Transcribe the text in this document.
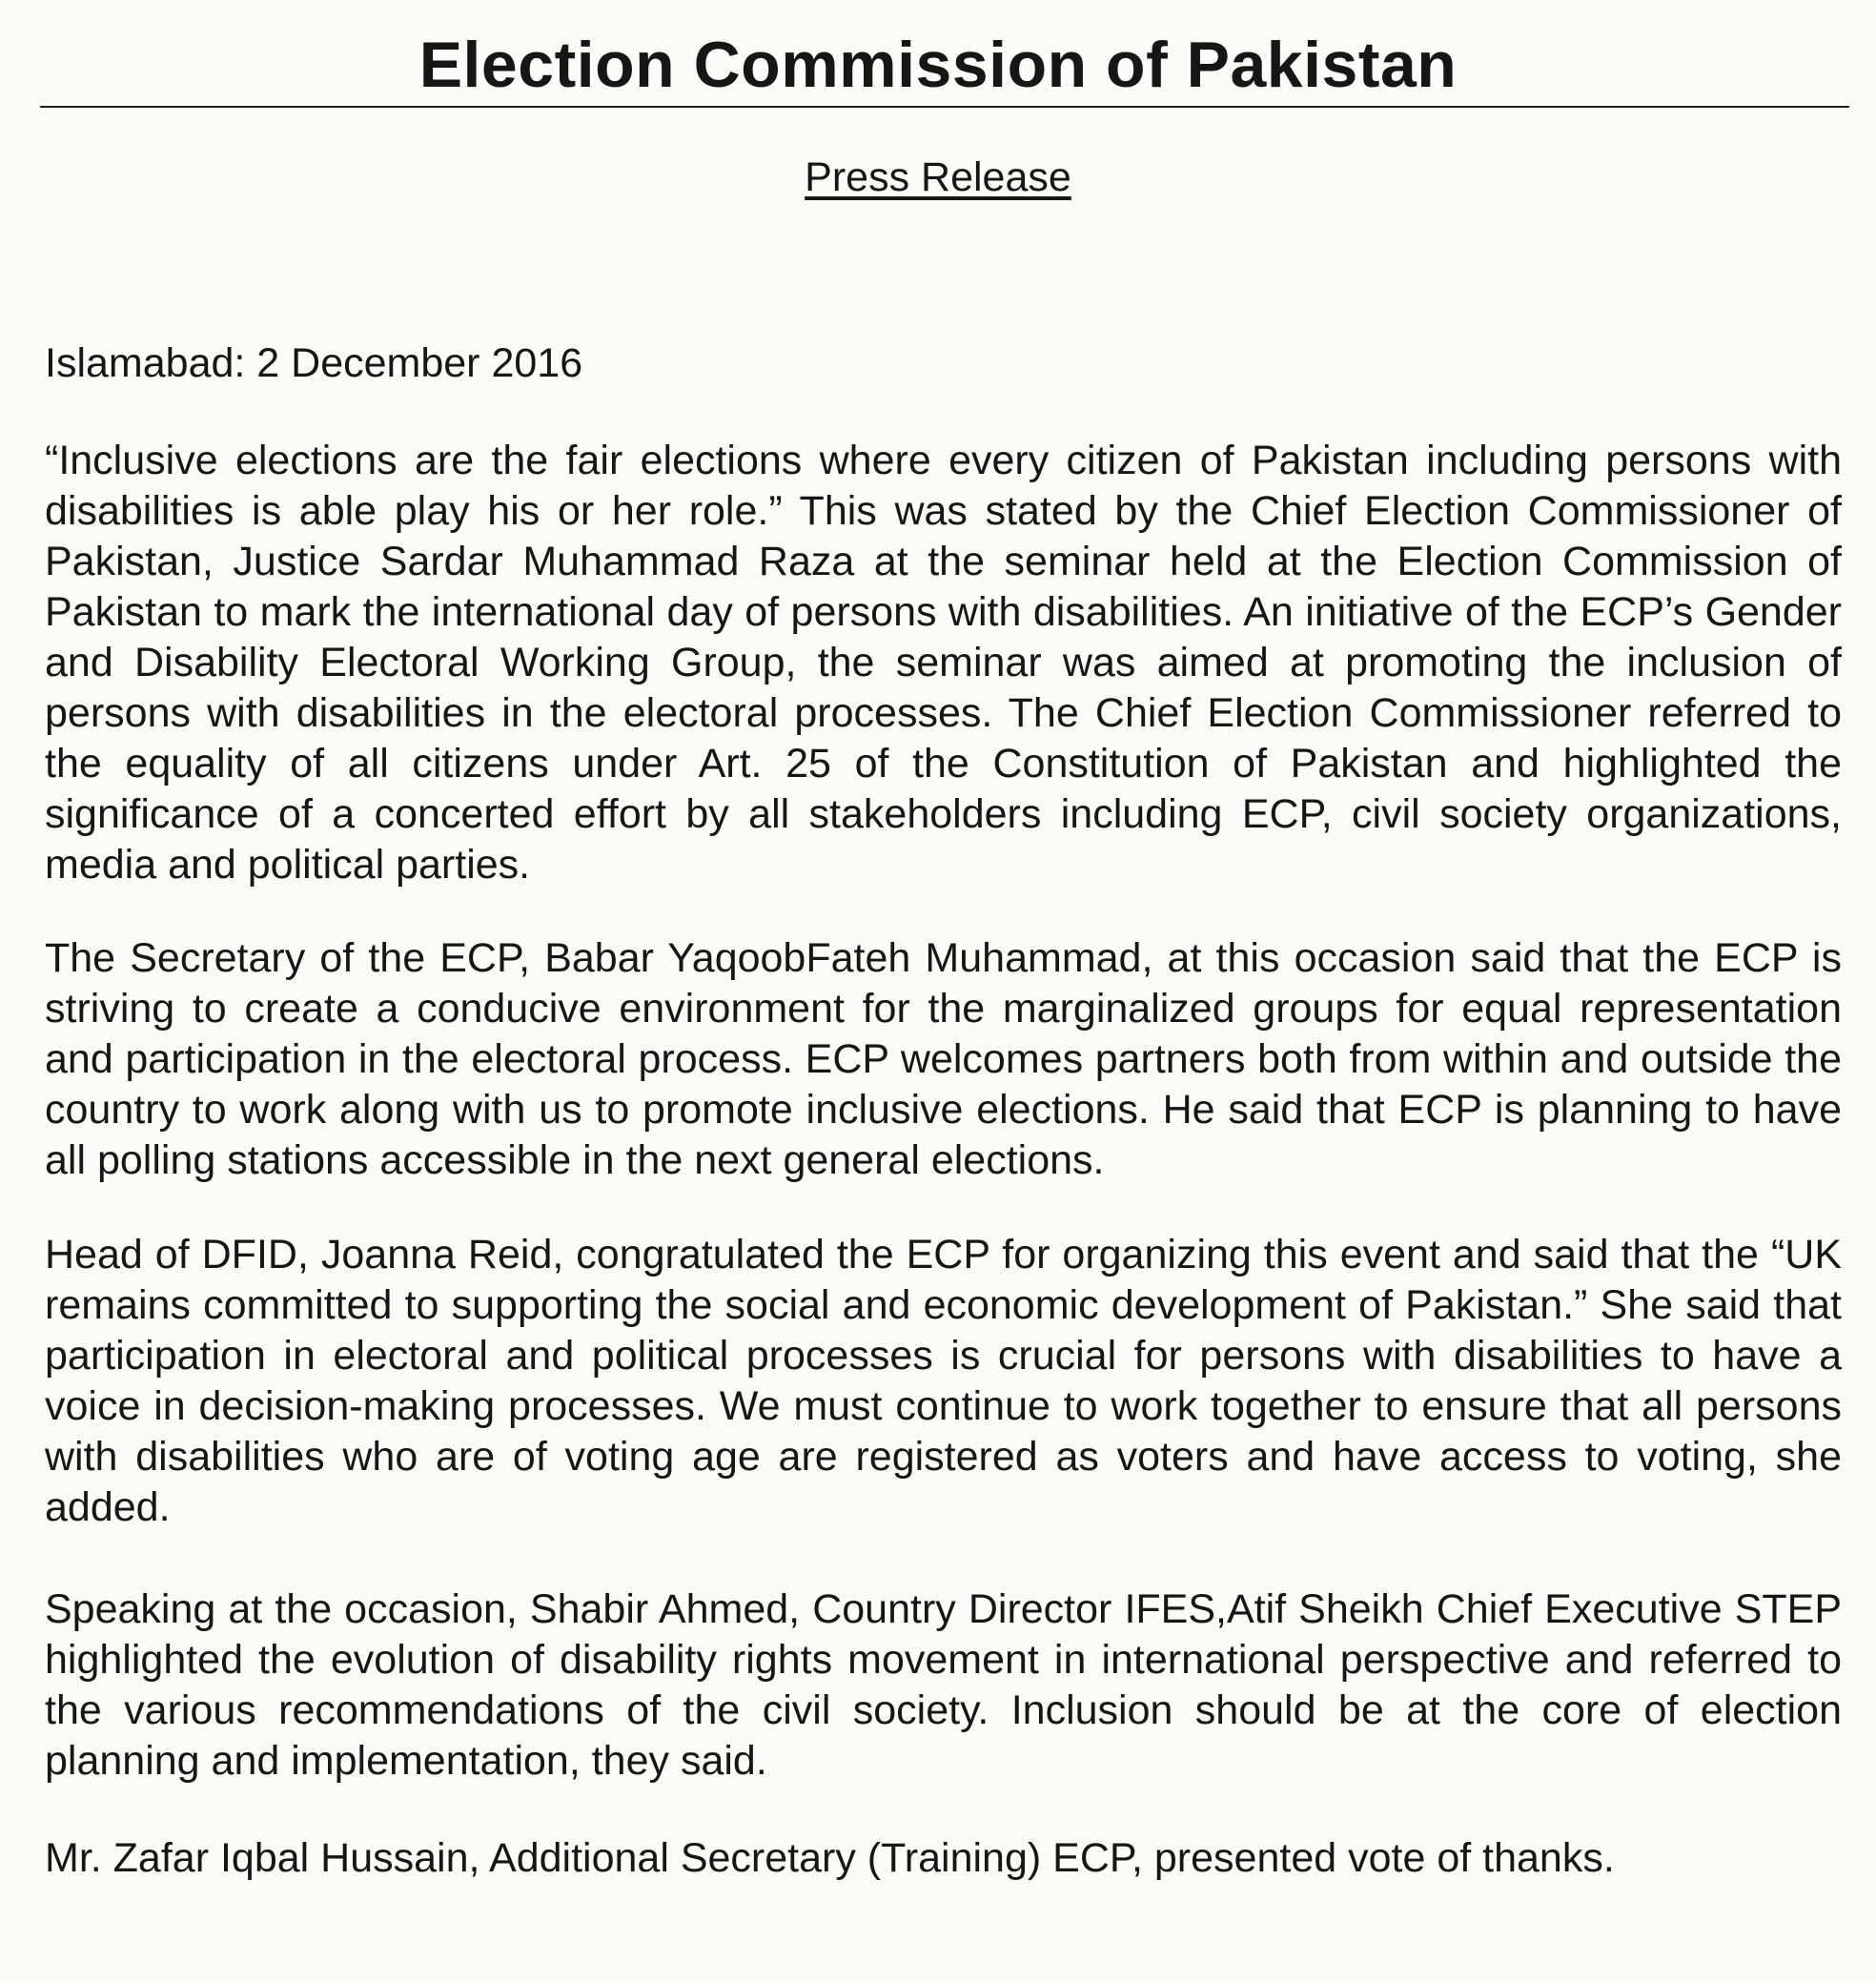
Election Commission of Pakistan
Press Release
Islamabad: 2 December 2016

“Inclusive elections are the fair elections where every citizen of Pakistan including persons with disabilities is able play his or her role.” This was stated by the Chief Election Commissioner of Pakistan, Justice Sardar Muhammad Raza at the seminar held at the Election Commission of Pakistan to mark the international day of persons with disabilities. An initiative of the ECP’s Gender and Disability Electoral Working Group, the seminar was aimed at promoting the inclusion of persons with disabilities in the electoral processes. The Chief Election Commissioner referred to the equality of all citizens under Art. 25 of the Constitution of Pakistan and highlighted the significance of a concerted effort by all stakeholders including ECP, civil society organizations, media and political parties.

The Secretary of the ECP, Babar YaqoobFateh Muhammad, at this occasion said that the ECP is striving to create a conducive environment for the marginalized groups for equal representation and participation in the electoral process. ECP welcomes partners both from within and outside the country to work along with us to promote inclusive elections. He said that ECP is planning to have all polling stations accessible in the next general elections.

Head of DFID, Joanna Reid, congratulated the ECP for organizing this event and said that the “UK remains committed to supporting the social and economic development of Pakistan.” She said that participation in electoral and political processes is crucial for persons with disabilities to have a voice in decision-making processes. We must continue to work together to ensure that all persons with disabilities who are of voting age are registered as voters and have access to voting, she added.

Speaking at the occasion, Shabir Ahmed, Country Director IFES,Atif Sheikh Chief Executive STEP highlighted the evolution of disability rights movement in international perspective and referred to the various recommendations of the civil society. Inclusion should be at the core of election planning and implementation, they said.

Mr. Zafar Iqbal Hussain, Additional Secretary (Training) ECP, presented vote of thanks.
